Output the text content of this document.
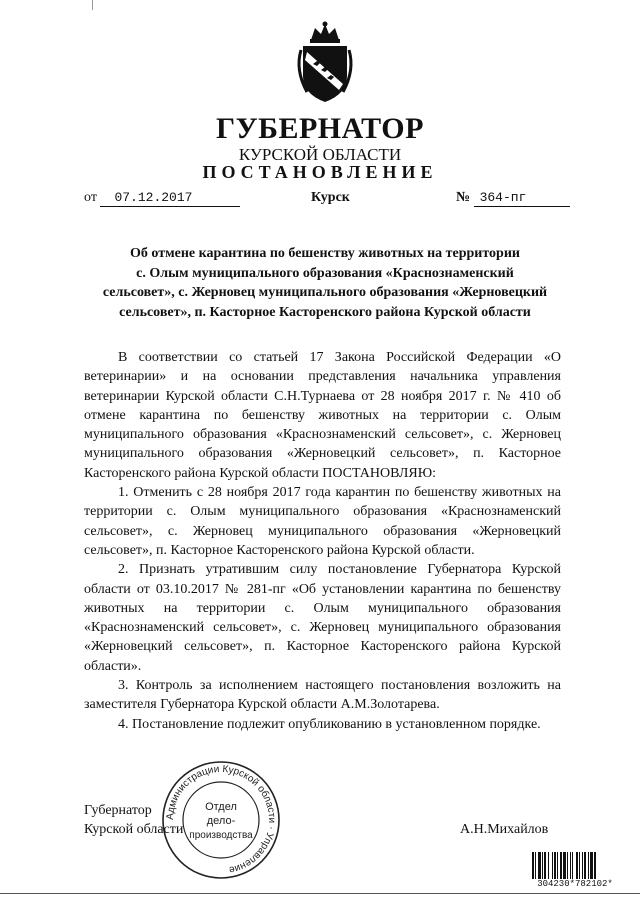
ГУБЕРНАТОР
КУРСКОЙ ОБЛАСТИ
ПОСТАНОВЛЕНИЕ
от 07.12.2017	Курск	№ 364-пг
Об отмене карантина по бешенству животных на территории
с. Олым муниципального образования «Краснознаменский
сельсовет», с. Жерновец муниципального образования «Жерновецкий
сельсовет», п. Касторное Касторенского района Курской области

В соответствии со статьей 17 Закона Российской Федерации «О ветеринарии» и на основании представления начальника управления ветеринарии Курской области С.Н.Турнаева от 28 ноября 2017 г. № 410 об отмене карантина по бешенству животных на территории с. Олым муниципального образования «Краснознаменский сельсовет», с. Жерновец муниципального образования «Жерновецкий сельсовет», п. Касторное Касторенского района Курской области ПОСТАНОВЛЯЮ:

1. Отменить с 28 ноября 2017 года карантин по бешенству животных на территории с. Олым муниципального образования «Краснознаменский сельсовет», с. Жерновец муниципального образования «Жерновецкий сельсовет», п. Касторное Касторенского района Курской области.

2. Признать утратившим силу постановление Губернатора Курской области от 03.10.2017 № 281-пг «Об установлении карантина по бешенству животных на территории с. Олым муниципального образования «Краснознаменский сельсовет», с. Жерновец муниципального образования «Жерновецкий сельсовет», п. Касторное Касторенского района Курской области».

3. Контроль за исполнением настоящего постановления возложить на заместителя Губернатора Курской области А.М.Золотарева.

4. Постановление подлежит опубликованию в установленном порядке.

Губернатор
Курской области	А.Н.Михайлов
Администрации Курской области · Управление
Отдел
дело-
производства
304230*782102*
